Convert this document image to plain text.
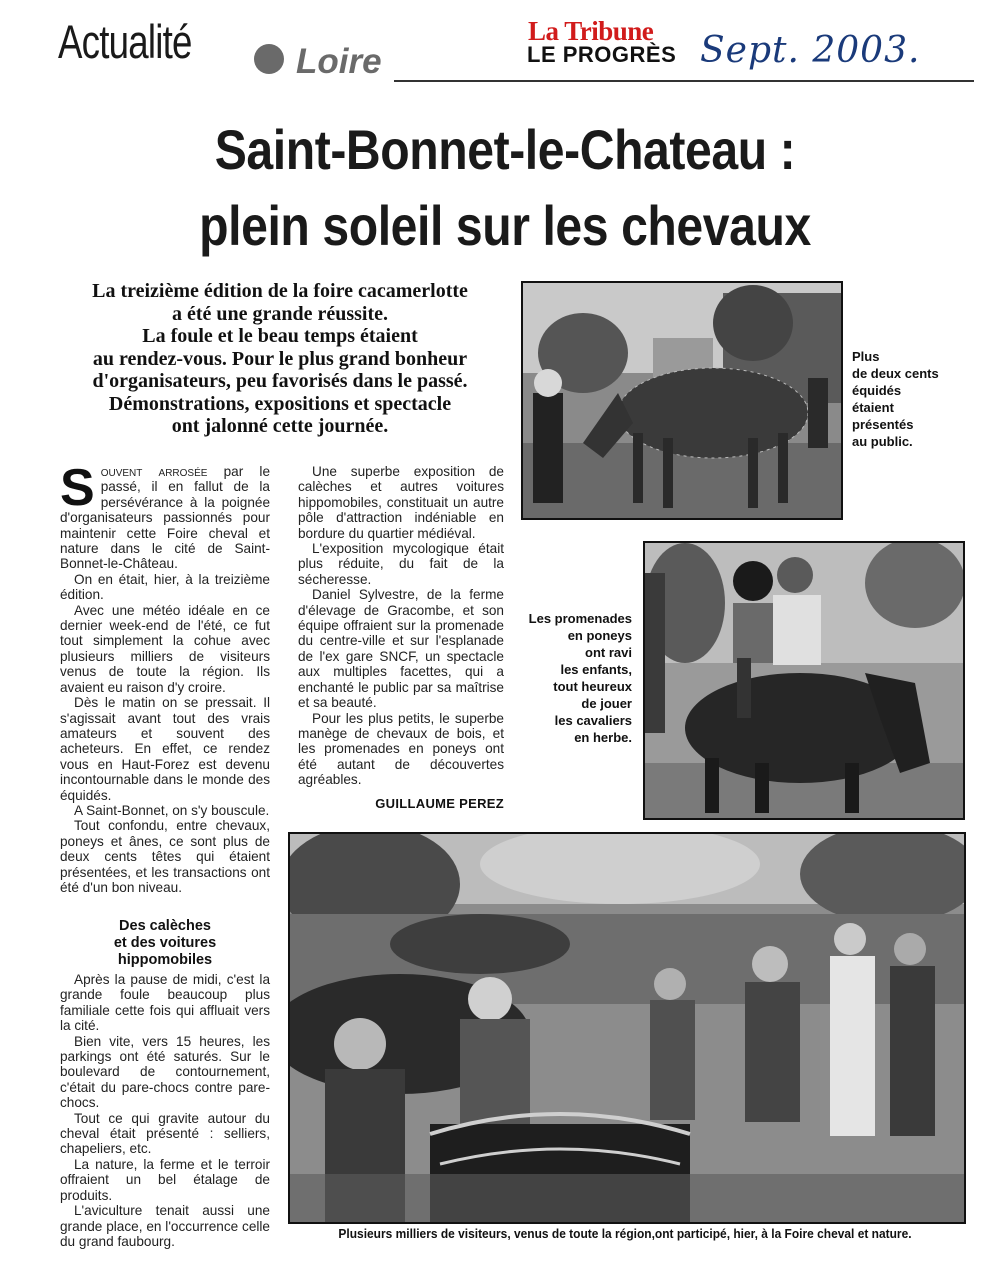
Actualité	Loire
La Tribune
LE PROGRÈS Sept. 2003.
Saint-Bonnet-le-Chateau :
plein soleil sur les chevaux

La treizième édition de la foire cacamerlotte

a été une grande réussite.

La foule et le beau temps étaient

au rendez-vous. Pour le plus grand bonheur

d'organisateurs, peu favorisés dans le passé.

Démonstrations, expositions et spectacle

ont jalonné cette journée.

Souvent arrosée par le passé, il en fallut de la persévérance à la poignée d'organisateurs passionnés pour maintenir cette Foire cheval et nature dans le cité de Saint-Bonnet-le-Château.

On en était, hier, à la treizième édition.

Avec une météo idéale en ce dernier week-end de l'été, ce fut tout simplement la cohue avec plusieurs milliers de visiteurs venus de toute la région. Ils avaient eu raison d'y croire.

Dès le matin on se pressait. Il s'agissait avant tout des vrais amateurs et souvent des acheteurs. En effet, ce rendez vous en Haut-Forez est devenu incontournable dans le monde des équidés.

A Saint-Bonnet, on s'y bouscule.

Tout confondu, entre chevaux, poneys et ânes, ce sont plus de deux cents têtes qui étaient présentées, et les transactions ont été d'un bon niveau.

Des calèches
et des voitures
hippomobiles

Après la pause de midi, c'est la grande foule beaucoup plus familiale cette fois qui affluait vers la cité.

Bien vite, vers 15 heures, les parkings ont été saturés. Sur le boulevard de contournement, c'était du pare-chocs contre pare-chocs.

Tout ce qui gravite autour du cheval était présenté : selliers, chapeliers, etc.

La nature, la ferme et le terroir offraient un bel étalage de produits.

L'aviculture tenait aussi une grande place, en l'occurrence celle du grand faubourg.

Une superbe exposition de calèches et autres voitures hippomobiles, constituait un autre pôle d'attraction indéniable en bordure du quartier médiéval.

L'exposition mycologique était plus réduite, du fait de la sécheresse.

Daniel Sylvestre, de la ferme d'élevage de Gracombe, et son équipe offraient sur la promenade du centre-ville et sur l'esplanade de l'ex gare SNCF, un spectacle aux multiples facettes, qui a enchanté le public par sa maîtrise et sa beauté.

Pour les plus petits, le superbe manège de chevaux de bois, et les promenades en poneys ont été autant de découvertes agréables.

GUILLAUME PEREZ
Plus
de deux cents
équidés
étaient
présentés
au public.
Les promenades
en poneys
ont ravi
les enfants,
tout heureux
de jouer
les cavaliers
en herbe.
Plusieurs milliers de visiteurs, venus de toute la région,ont participé, hier, à la Foire cheval et nature.
